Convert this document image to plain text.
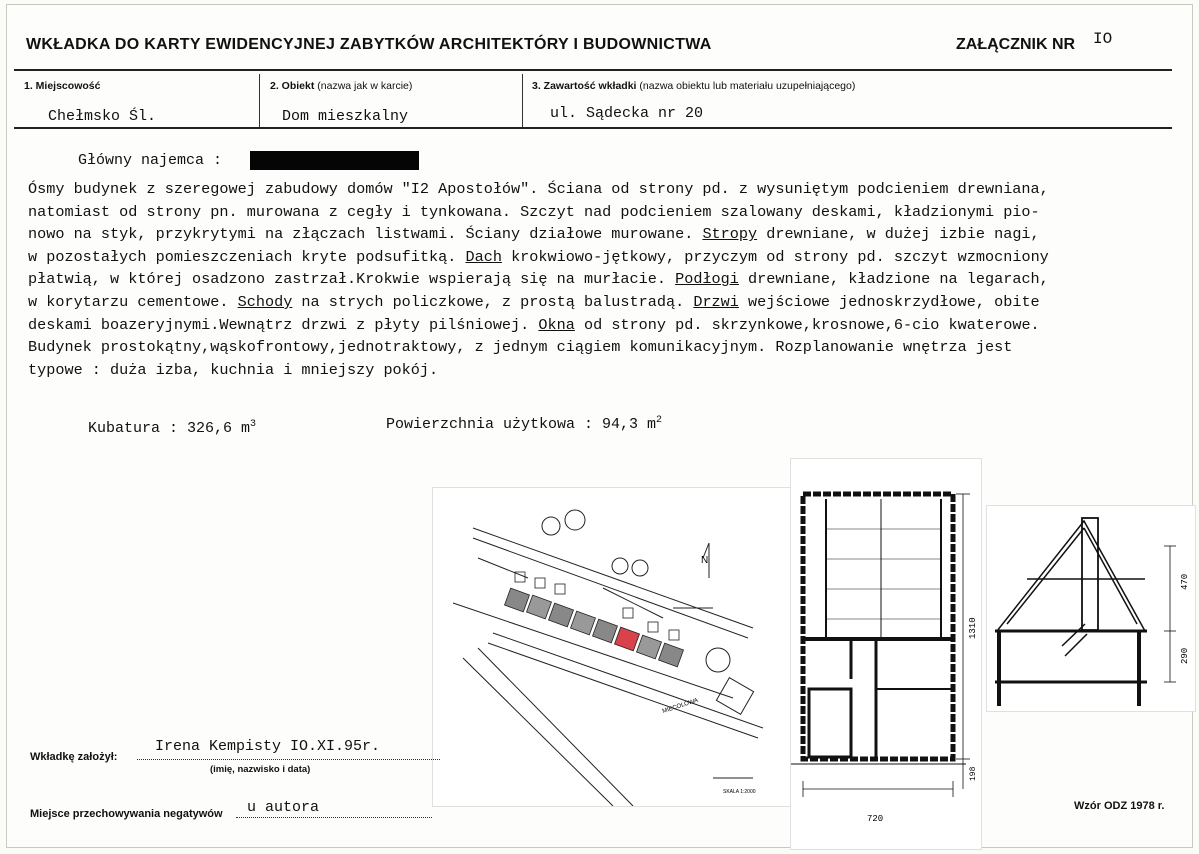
WKŁADKA DO KARTY EWIDENCYJNEJ ZABYTKÓW ARCHITEKTÓRY I BUDOWNICTWA	ZAŁĄCZNIK NR IO
1. Miejscowość
Chełmsko Śl.
2. Obiekt (nazwa jak w karcie)
Dom mieszkalny
3. Zawartość wkładki (nazwa obiektu lub materiału uzupełniającego)
ul. Sądecka nr 20
Główny najemca :
Ósmy budynek z szeregowej zabudowy domów "I2 Apostołów". Ściana od strony pd. z wysuniętym podcieniem drewniana,
natomiast od strony pn. murowana z cegły i tynkowana. Szczyt nad podcieniem szalowany deskami, kładzionymi pio-
nowo na styk, przykrytymi na złączach listwami. Ściany działowe murowane. Stropy drewniane, w dużej izbie nagi,
w pozostałych pomieszczeniach kryte podsufitką. Dach krokwiowo-jętkowy, przyczym od strony pd. szczyt wzmocniony
płatwią, w której osadzono zastrzał.Krokwie wspierają się na murłacie. Podłogi drewniane, kładzione na legarach,
w korytarzu cementowe. Schody na strych policzkowe, z prostą balustradą. Drzwi wejściowe jednoskrzydłowe, obite
deskami boazeryjnymi.Wewnątrz drzwi z płyty pilśniowej. Okna od strony pd. skrzynkowe,krosnowe,6-cio kwaterowe.
Budynek prostokątny,wąskofrontowy,jednotraktowy, z jednym ciągiem komunikacyjnym. Rozplanowanie wnętrza jest
typowe : duża izba, kuchnia i mniejszy pokój.
Kubatura : 326,6 $m^3$	Powierzchnia użytkowa : 94,3 $m^2$
N
MIECOLOWA
SKALA 1:2000
1310
720
198
470
290
Wkładkę założył:
Irena Kempisty IO.XI.95r.
(imię, nazwisko i data)
Miejsce przechowywania negatywów u autora	Wzór ODZ 1978 r.
